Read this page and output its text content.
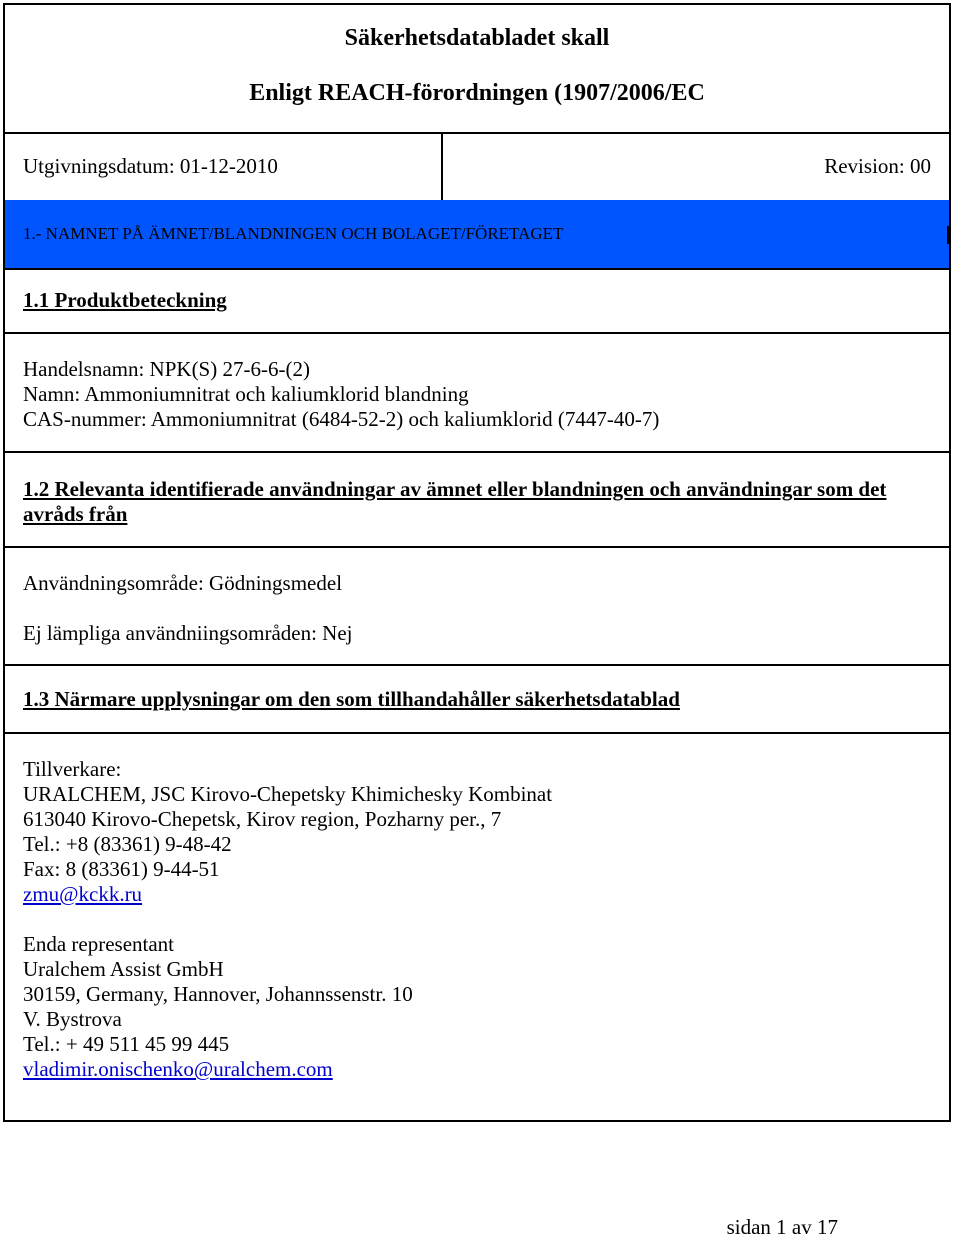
Säkerhetsdatabladet skall
Enligt REACH-förordningen (1907/2006/EC
Utgivningsdatum: 01-12-2010	Revision: 00
1.- NAMNET PÅ ÄMNET/BLANDNINGEN OCH BOLAGET/FÖRETAGET
1.1 Produktbeteckning
Handelsnamn: NPK(S) 27-6-6-(2)
Namn: Ammoniumnitrat och kaliumklorid blandning
CAS-nummer: Ammoniumnitrat (6484-52-2) och kaliumklorid (7447-40-7)
1.2 Relevanta identifierade användningar av ämnet eller blandningen och användningar som det
avråds från
Användningsområde: Gödningsmedel
Ej lämpliga användniingsområden: Nej
1.3 Närmare upplysningar om den som tillhandahåller säkerhetsdatablad
Tillverkare:
URALCHEM, JSC Kirovo-Chepetsky Khimichesky Kombinat
613040 Kirovo-Chepetsk, Kirov region, Pozharny per., 7
Tel.: +8 (83361) 9-48-42
Fax: 8 (83361) 9-44-51
zmu@kckk.ru
Enda representant
Uralchem Assist GmbH
30159, Germany, Hannover, Johannssenstr. 10
V. Bystrova
Tel.: + 49 511 45 99 445
vladimir.onischenko@uralchem.com
sidan 1 av 17
